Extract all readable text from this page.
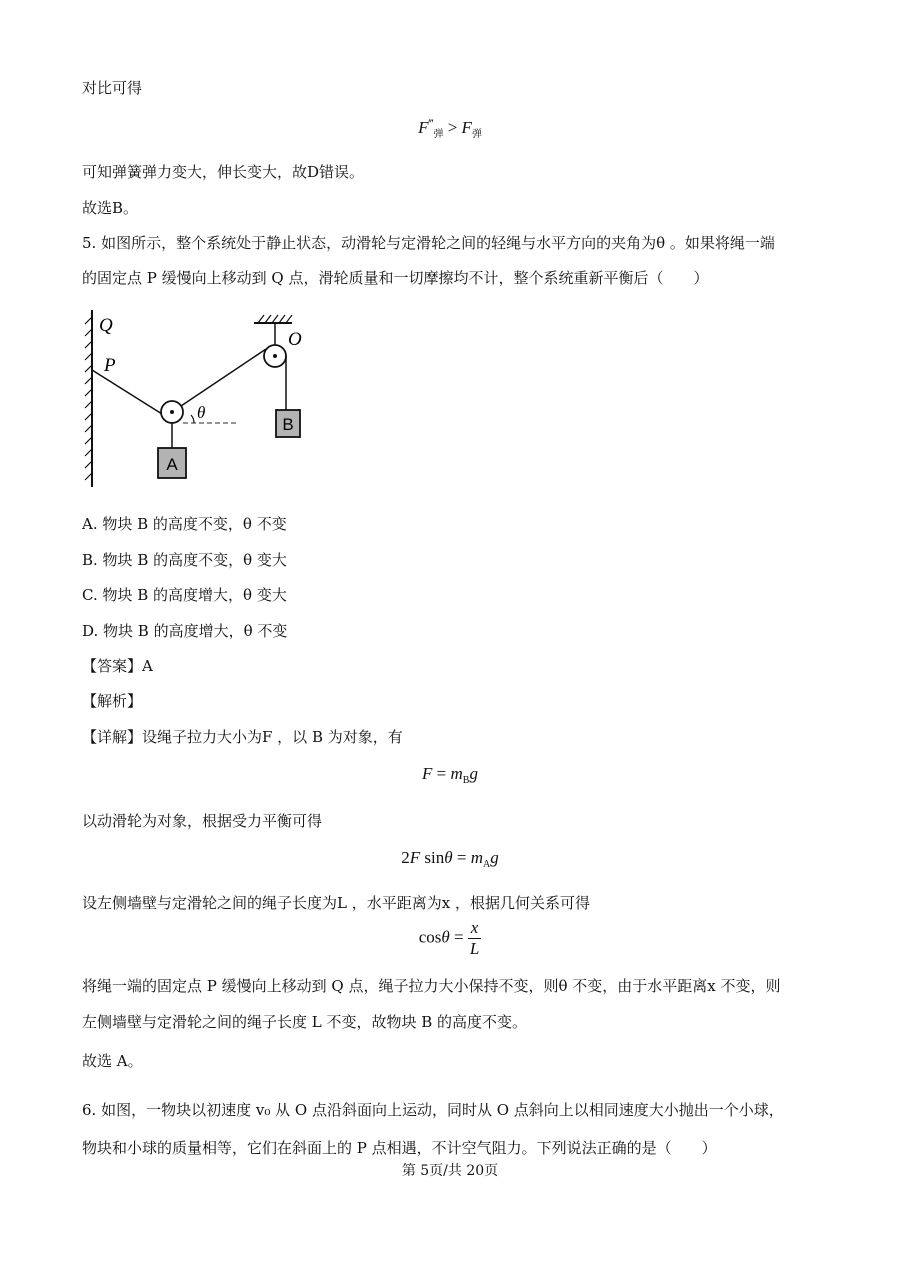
对比可得
$F^‴_弹 > F_弹$
可知弹簧弹力变大，伸长变大，故D错误。
故选B。
5. 如图所示，整个系统处于静止状态，动滑轮与定滑轮之间的轻绳与水平方向的夹角为θ 。如果将绳一端
的固定点 P 缓慢向上移动到 Q 点，滑轮质量和一切摩擦均不计，整个系统重新平衡后（　　）
Q
P
O
θ
A
B
A. 物块 B 的高度不变，θ 不变
B. 物块 B 的高度不变，θ 变大
C. 物块 B 的高度增大，θ 变大
D. 物块 B 的高度增大，θ 不变
【答案】A
【解析】
【详解】设绳子拉力大小为F ，以 B 为对象，有
$F = m_Bg$
以动滑轮为对象，根据受力平衡可得
2F $\sin\theta = m_Ag$
设左侧墙壁与定滑轮之间的绳子长度为L ，水平距离为x ，根据几何关系可得
$\cos\theta = \frac{x}{L}$
将绳一端的固定点 P 缓慢向上移动到 Q 点，绳子拉力大小保持不变，则θ 不变，由于水平距离x 不变，则
左侧墙壁与定滑轮之间的绳子长度 L 不变，故物块 B 的高度不变。
故选 A。
6. 如图，一物块以初速度 v₀ 从 O 点沿斜面向上运动，同时从 O 点斜向上以相同速度大小抛出一个小球，
物块和小球的质量相等，它们在斜面上的 P 点相遇，不计空气阻力。下列说法正确的是（　　）
第 5页/共 20页
